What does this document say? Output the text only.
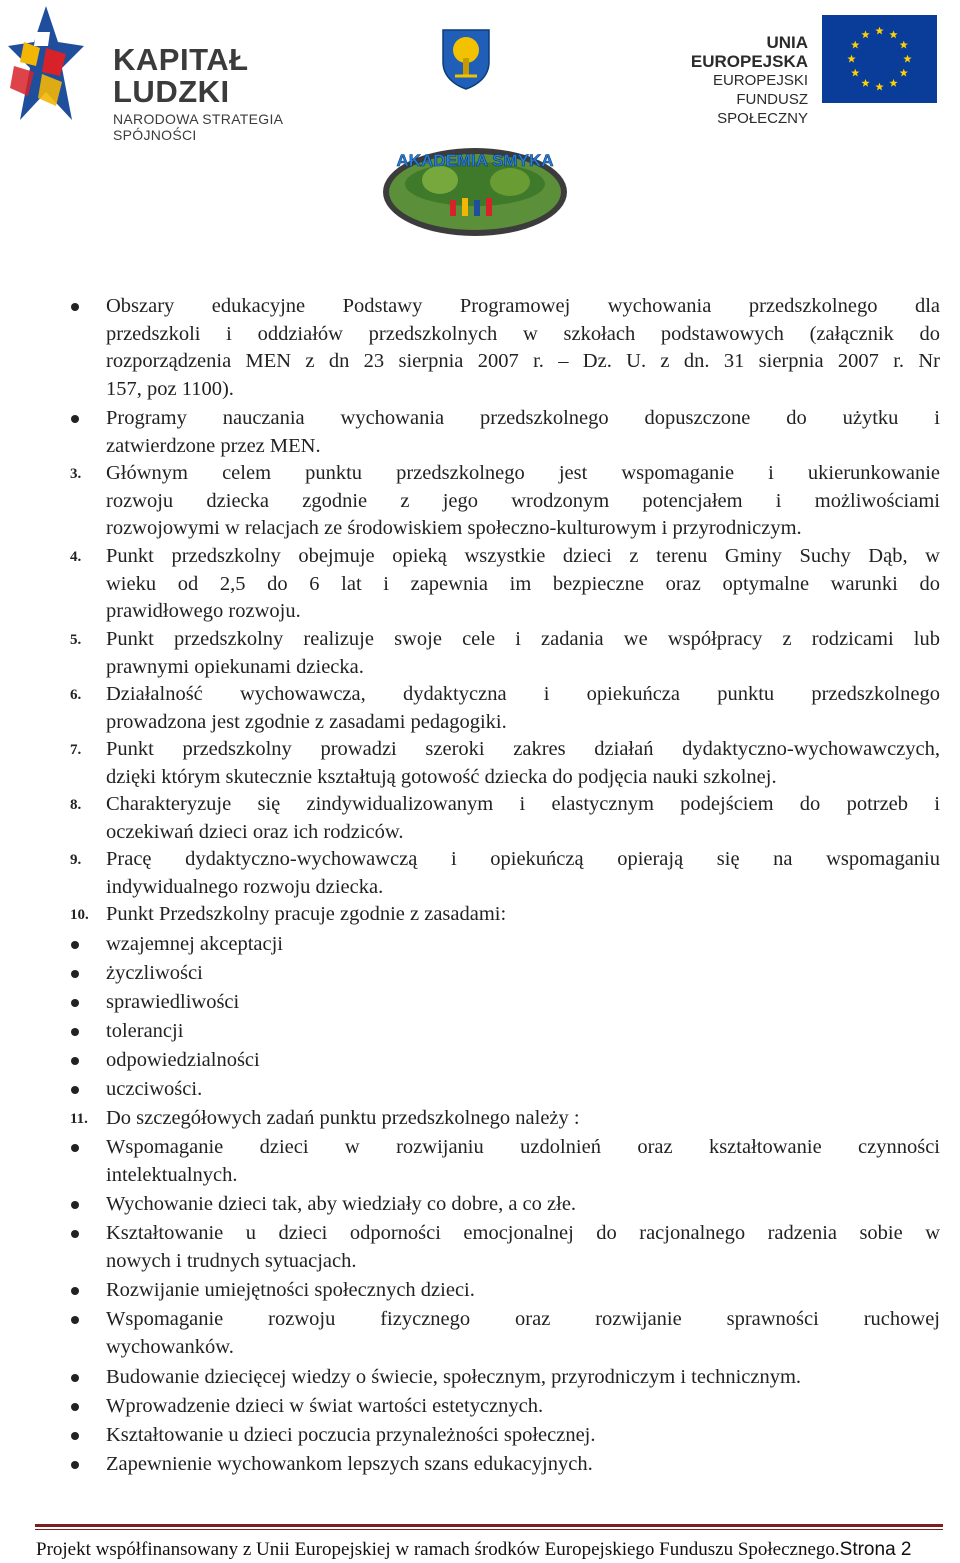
KAPITAŁ LUDZKI
NARODOWA STRATEGIA SPÓJNOŚCI
UNIA EUROPEJSKA
EUROPEJSKI
FUNDUSZ SPOŁECZNY
AKADEMIA SMYKA
Obszary edukacyjne Podstawy Programowej wychowania przedszkolnego dla
przedszkoli i oddziałów przedszkolnych w szkołach podstawowych (załącznik do
rozporządzenia MEN z dn 23 sierpnia 2007 r. – Dz. U. z dn. 31 sierpnia 2007 r. Nr
157, poz 1100).
Programy nauczania wychowania przedszkolnego dopuszczone do użytku i
zatwierdzone przez MEN.
3. Głównym celem punktu przedszkolnego jest wspomaganie i ukierunkowanie
rozwoju dziecka zgodnie z jego wrodzonym potencjałem i możliwościami
rozwojowymi w relacjach ze środowiskiem społeczno-kulturowym i przyrodniczym.
4. Punkt przedszkolny obejmuje opieką wszystkie dzieci z terenu Gminy Suchy Dąb, w
wieku od 2,5 do 6 lat i zapewnia im bezpieczne oraz optymalne warunki do
prawidłowego rozwoju.
5. Punkt przedszkolny realizuje swoje cele i zadania we współpracy z rodzicami lub
prawnymi opiekunami dziecka.
6. Działalność wychowawcza, dydaktyczna i opiekuńcza punktu przedszkolnego
prowadzona jest zgodnie z zasadami pedagogiki.
7. Punkt przedszkolny prowadzi szeroki zakres działań dydaktyczno-wychowawczych,
dzięki którym skutecznie kształtują gotowość dziecka do podjęcia nauki szkolnej.
8. Charakteryzuje się zindywidualizowanym i elastycznym podejściem do potrzeb i
oczekiwań dzieci oraz ich rodziców.
9. Pracę dydaktyczno-wychowawczą i opiekuńczą opierają się na wspomaganiu
indywidualnego rozwoju dziecka.
10. Punkt Przedszkolny pracuje zgodnie z zasadami:
wzajemnej akceptacji
życzliwości
sprawiedliwości
tolerancji
odpowiedzialności
uczciwości.
11. Do szczegółowych zadań punktu przedszkolnego należy :
Wspomaganie dzieci w rozwijaniu uzdolnień oraz kształtowanie czynności
intelektualnych.
Wychowanie dzieci tak, aby wiedziały co dobre, a co złe.
Kształtowanie u dzieci odporności emocjonalnej do racjonalnego radzenia sobie w
nowych i trudnych sytuacjach.
Rozwijanie umiejętności społecznych dzieci.
Wspomaganie rozwoju fizycznego oraz rozwijanie sprawności ruchowej
wychowanków.
Budowanie dziecięcej wiedzy o świecie, społecznym, przyrodniczym i technicznym.
Wprowadzenie dzieci w świat wartości estetycznych.
Kształtowanie u dzieci poczucia przynależności społecznej.
Zapewnienie wychowankom lepszych szans edukacyjnych.
Projekt współfinansowany z Unii Europejskiej w ramach środków Europejskiego Funduszu Społecznego.Strona 2
